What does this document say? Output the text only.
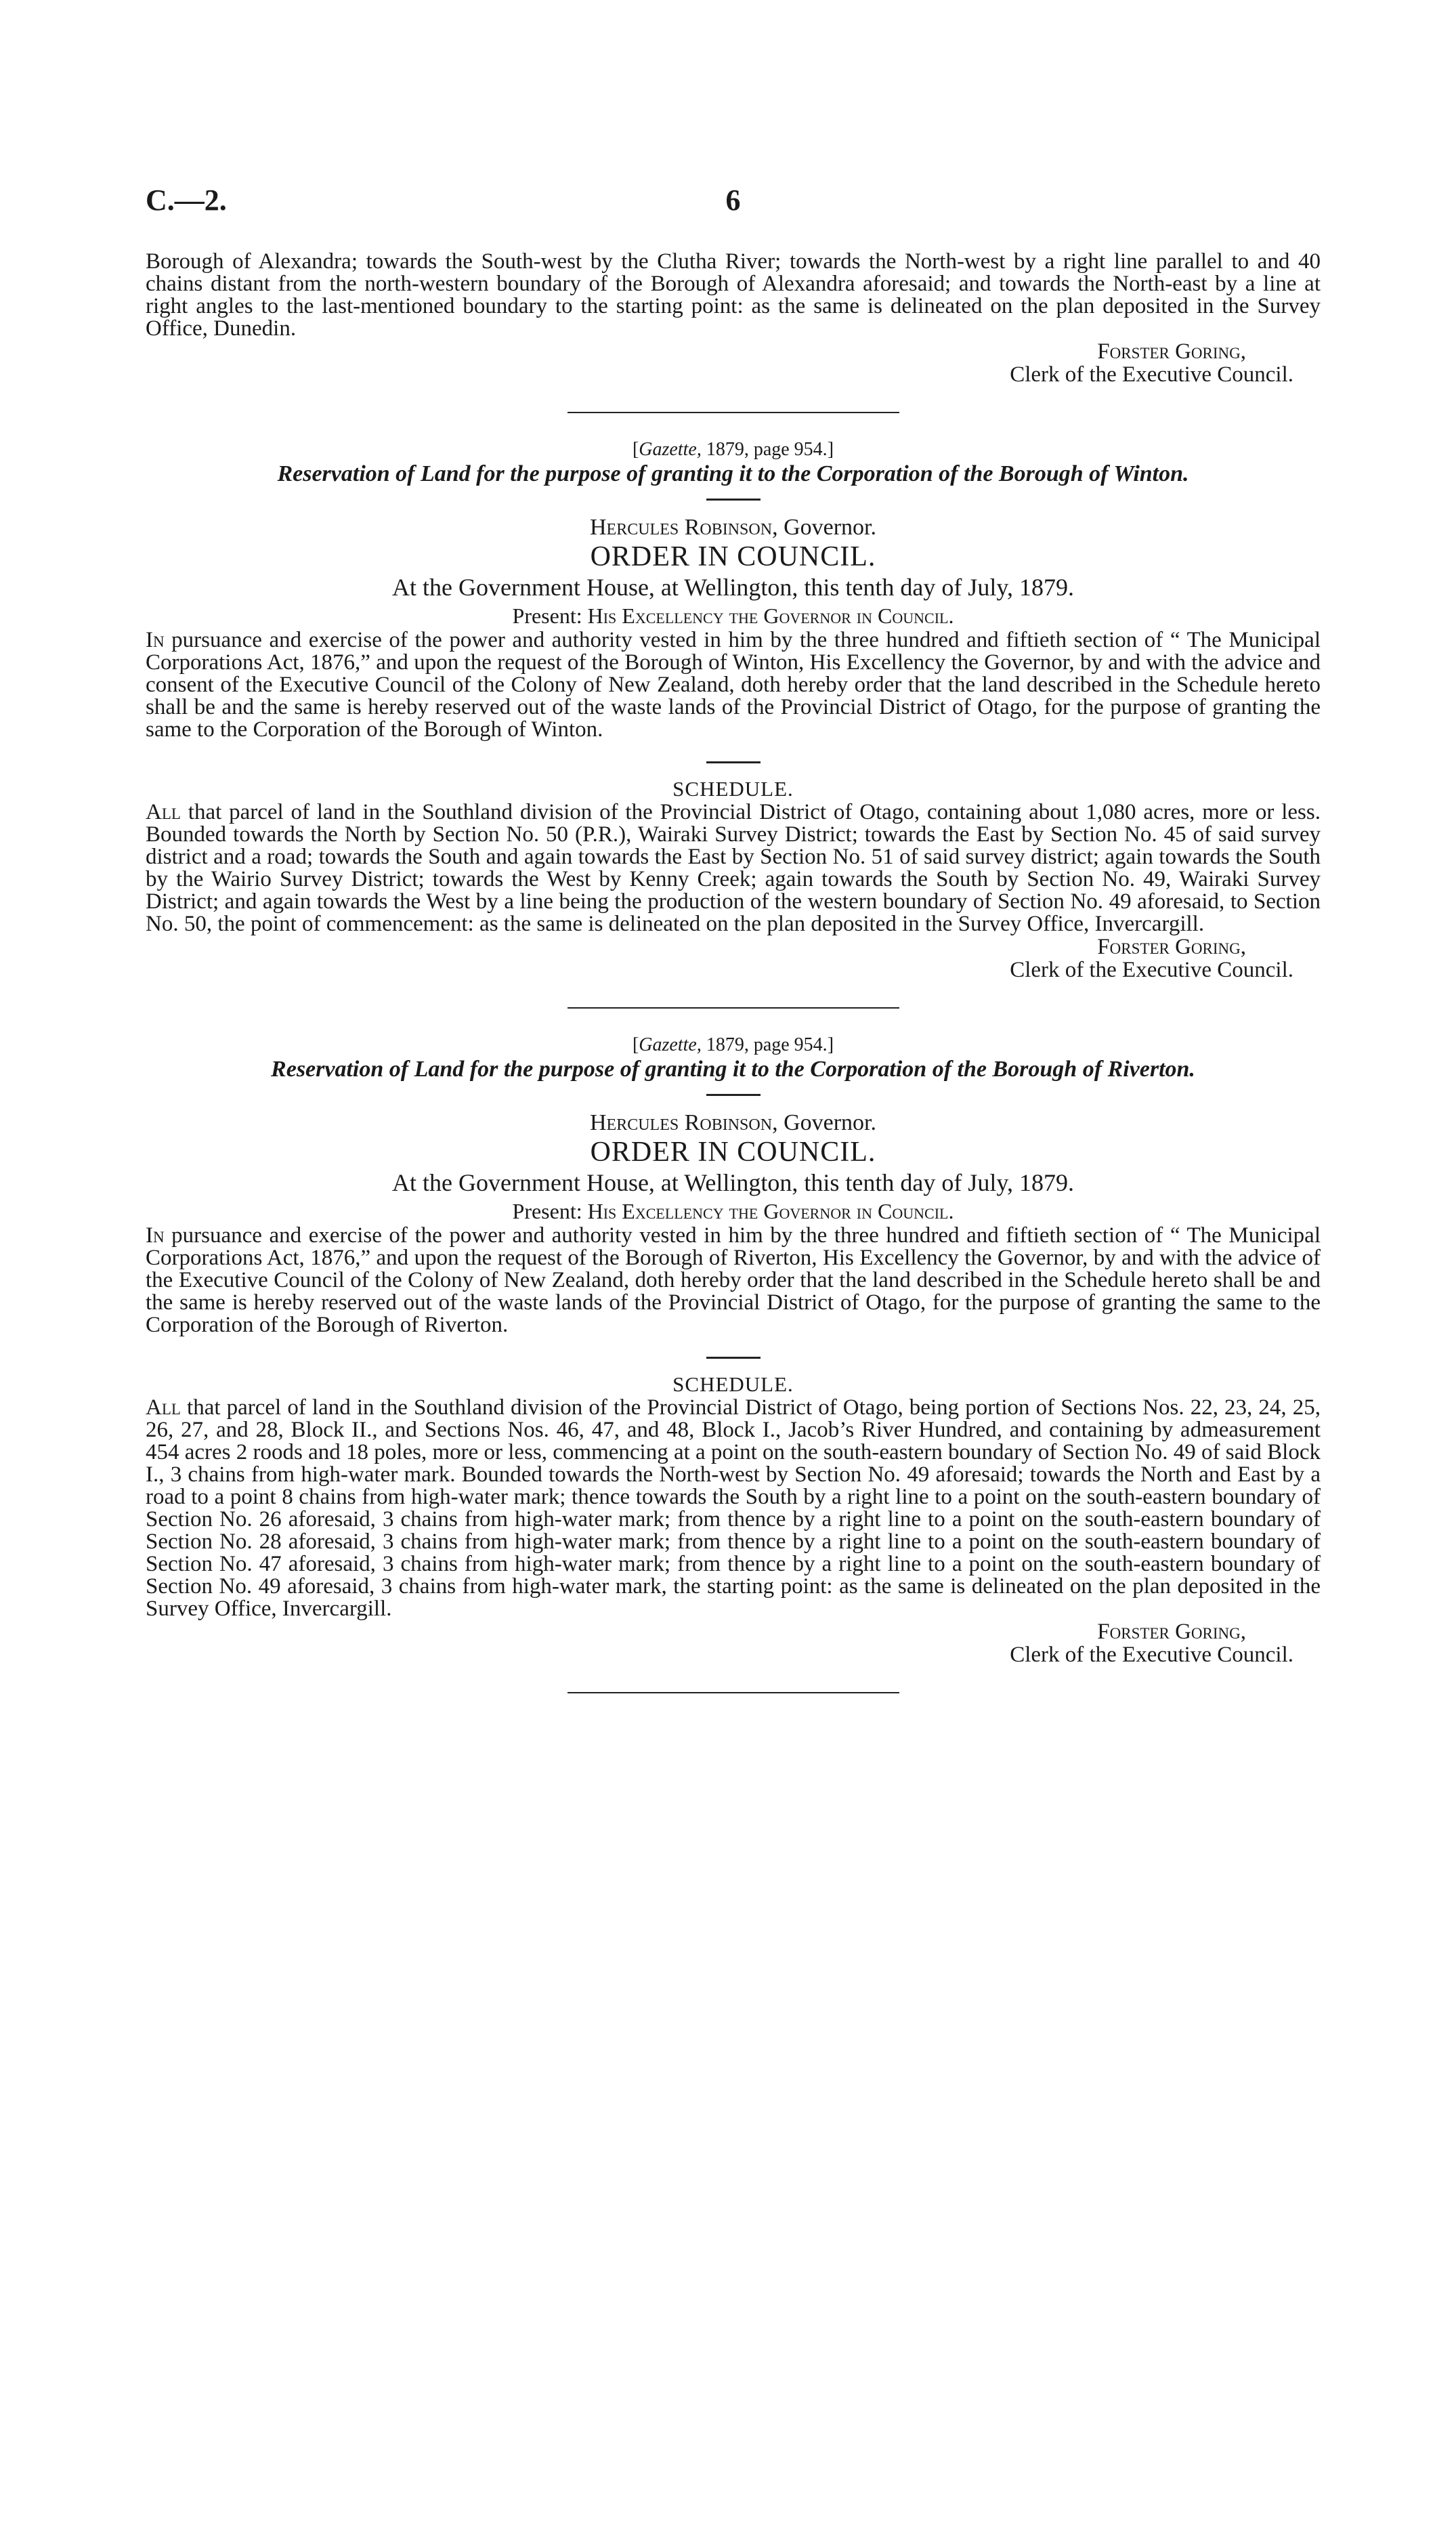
C.—2.	6

Borough of Alexandra; towards the South-west by the Clutha River; towards the North-west by a right line parallel to and 40 chains distant from the north-western boundary of the Borough of Alexandra aforesaid; and towards the North-east by a line at right angles to the last-mentioned boundary to the starting point: as the same is delineated on the plan deposited in the Survey Office, Dunedin.

Forster Goring,
Clerk of the Executive Council.
[Gazette, 1879, page 954.]
Reservation of Land for the purpose of granting it to the Corporation of the Borough of Winton.
Hercules Robinson, Governor.
ORDER IN COUNCIL.
At the Government House, at Wellington, this tenth day of July, 1879.
Present: His Excellency the Governor in Council.

In pursuance and exercise of the power and authority vested in him by the three hundred and fiftieth section of “ The Municipal Corporations Act, 1876,” and upon the request of the Borough of Winton, His Excellency the Governor, by and with the advice and consent of the Executive Council of the Colony of New Zealand, doth hereby order that the land described in the Schedule hereto shall be and the same is hereby reserved out of the waste lands of the Provincial District of Otago, for the purpose of granting the same to the Corporation of the Borough of Winton.

SCHEDULE.

All that parcel of land in the Southland division of the Provincial District of Otago, containing about 1,080 acres, more or less. Bounded towards the North by Section No. 50 (P.R.), Wairaki Survey District; towards the East by Section No. 45 of said survey district and a road; towards the South and again towards the East by Section No. 51 of said survey district; again towards the South by the Wairio Survey District; towards the West by Kenny Creek; again towards the South by Section No. 49, Wairaki Survey District; and again towards the West by a line being the production of the western boundary of Section No. 49 aforesaid, to Section No. 50, the point of commencement: as the same is delineated on the plan deposited in the Survey Office, Invercargill.

Forster Goring,
Clerk of the Executive Council.
[Gazette, 1879, page 954.]
Reservation of Land for the purpose of granting it to the Corporation of the Borough of Riverton.
Hercules Robinson, Governor.
ORDER IN COUNCIL.
At the Government House, at Wellington, this tenth day of July, 1879.
Present: His Excellency the Governor in Council.

In pursuance and exercise of the power and authority vested in him by the three hundred and fiftieth section of “ The Municipal Corporations Act, 1876,” and upon the request of the Borough of Riverton, His Excellency the Governor, by and with the advice of the Executive Council of the Colony of New Zealand, doth hereby order that the land described in the Schedule hereto shall be and the same is hereby reserved out of the waste lands of the Provincial District of Otago, for the purpose of granting the same to the Corporation of the Borough of Riverton.

SCHEDULE.

All that parcel of land in the Southland division of the Provincial District of Otago, being portion of Sections Nos. 22, 23, 24, 25, 26, 27, and 28, Block II., and Sections Nos. 46, 47, and 48, Block I., Jacob’s River Hundred, and containing by admeasurement 454 acres 2 roods and 18 poles, more or less, commencing at a point on the south-eastern boundary of Section No. 49 of said Block I., 3 chains from high-water mark. Bounded towards the North-west by Section No. 49 aforesaid; towards the North and East by a road to a point 8 chains from high-water mark; thence towards the South by a right line to a point on the south-eastern boundary of Section No. 26 aforesaid, 3 chains from high-water mark; from thence by a right line to a point on the south-eastern boundary of Section No. 28 aforesaid, 3 chains from high-water mark; from thence by a right line to a point on the south-eastern boundary of Section No. 47 aforesaid, 3 chains from high-water mark; from thence by a right line to a point on the south-eastern boundary of Section No. 49 aforesaid, 3 chains from high-water mark, the starting point: as the same is delineated on the plan deposited in the Survey Office, Invercargill.

Forster Goring,
Clerk of the Executive Council.
